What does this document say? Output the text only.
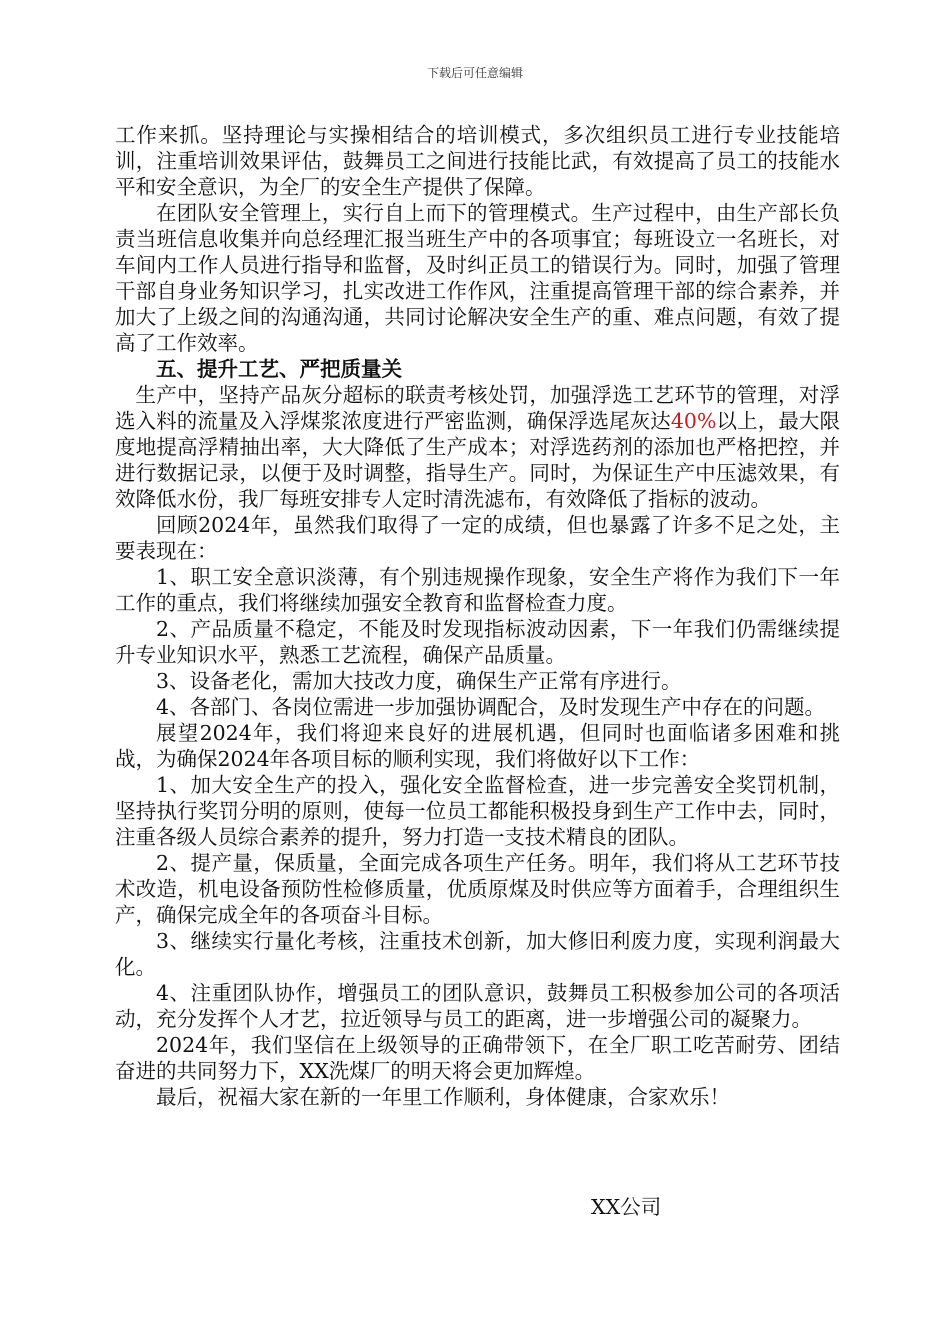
下载后可任意编辑

工作来抓。坚持理论与实操相结合的培训模式，多次组织员工进行专业技能培训，注重培训效果评估，鼓舞员工之间进行技能比武，有效提高了员工的技能水平和安全意识，为全厂的安全生产提供了保障。

在团队安全管理上，实行自上而下的管理模式。生产过程中，由生产部长负责当班信息收集并向总经理汇报当班生产中的各项事宜；每班设立一名班长，对车间内工作人员进行指导和监督，及时纠正员工的错误行为。同时，加强了管理干部自身业务知识学习，扎实改进工作作风，注重提高管理干部的综合素养，并加大了上级之间的沟通沟通，共同讨论解决安全生产的重、难点问题，有效了提高了工作效率。

五、提升工艺、严把质量关

生产中，坚持产品灰分超标的联责考核处罚，加强浮选工艺环节的管理，对浮选入料的流量及入浮煤浆浓度进行严密监测，确保浮选尾灰达40%以上，最大限度地提高浮精抽出率，大大降低了生产成本；对浮选药剂的添加也严格把控，并进行数据记录，以便于及时调整，指导生产。同时，为保证生产中压滤效果，有效降低水份，我厂每班安排专人定时清洗滤布，有效降低了指标的波动。

回顾2024年，虽然我们取得了一定的成绩，但也暴露了许多不足之处，主要表现在：

1、职工安全意识淡薄，有个别违规操作现象，安全生产将作为我们下一年工作的重点，我们将继续加强安全教育和监督检查力度。

2、产品质量不稳定，不能及时发现指标波动因素，下一年我们仍需继续提升专业知识水平，熟悉工艺流程，确保产品质量。

3、设备老化，需加大技改力度，确保生产正常有序进行。

4、各部门、各岗位需进一步加强协调配合，及时发现生产中存在的问题。

展望2024年，我们将迎来良好的进展机遇，但同时也面临诸多困难和挑战，为确保2024年各项目标的顺利实现，我们将做好以下工作：

1、加大安全生产的投入，强化安全监督检查，进一步完善安全奖罚机制，坚持执行奖罚分明的原则，使每一位员工都能积极投身到生产工作中去，同时，注重各级人员综合素养的提升，努力打造一支技术精良的团队。

2、提产量，保质量，全面完成各项生产任务。明年，我们将从工艺环节技术改造，机电设备预防性检修质量，优质原煤及时供应等方面着手，合理组织生产，确保完成全年的各项奋斗目标。

3、继续实行量化考核，注重技术创新，加大修旧利废力度，实现利润最大化。

4、注重团队协作，增强员工的团队意识，鼓舞员工积极参加公司的各项活动，充分发挥个人才艺，拉近领导与员工的距离，进一步增强公司的凝聚力。

2024年，我们坚信在上级领导的正确带领下，在全厂职工吃苦耐劳、团结奋进的共同努力下，XX洗煤厂的明天将会更加辉煌。

最后，祝福大家在新的一年里工作顺利，身体健康，合家欢乐！

XX公司
